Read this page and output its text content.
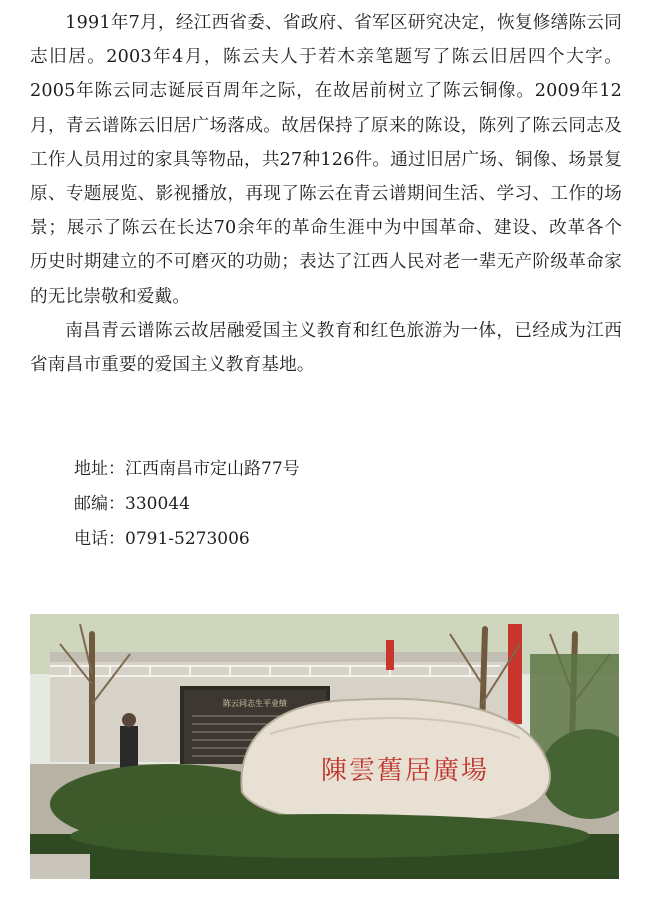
1991年7月，经江西省委、省政府、省军区研究决定，恢复修缮陈云同志旧居。2003年4月，陈云夫人于若木亲笔题写了陈云旧居四个大字。2005年陈云同志诞辰百周年之际，在故居前树立了陈云铜像。2009年12月，青云谱陈云旧居广场落成。故居保持了原来的陈设，陈列了陈云同志及工作人员用过的家具等物品，共27种126件。通过旧居广场、铜像、场景复原、专题展览、影视播放，再现了陈云在青云谱期间生活、学习、工作的场景；展示了陈云在长达70余年的革命生涯中为中国革命、建设、改革各个历史时期建立的不可磨灭的功勋；表达了江西人民对老一辈无产阶级革命家的无比崇敬和爱戴。

南昌青云谱陈云故居融爱国主义教育和红色旅游为一体，已经成为江西省南昌市重要的爱国主义教育基地。

地址：江西南昌市定山路77号
邮编：330044
电话：0791-5273006
陈云同志生平业绩
陳雲舊居廣場
